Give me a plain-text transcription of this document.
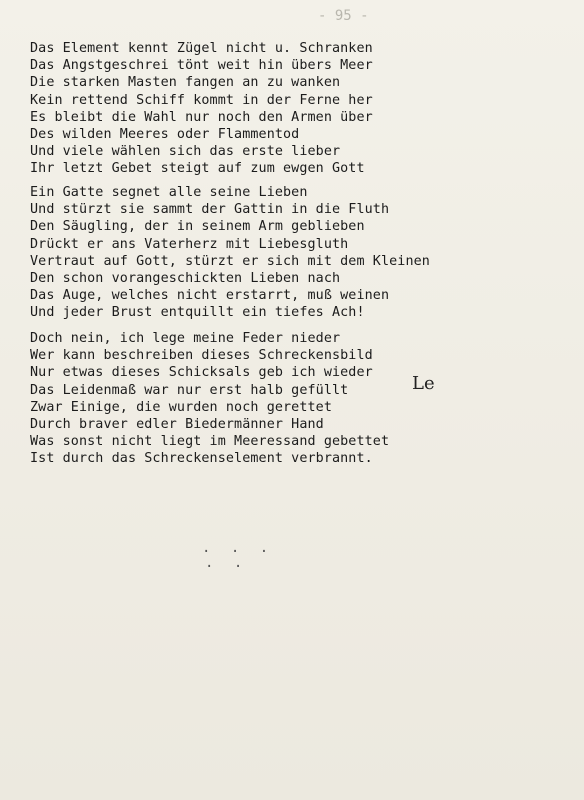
- 95 -
Das Element kennt Zügel nicht u. Schranken
Das Angstgeschrei tönt weit hin übers Meer
Die starken Masten fangen an zu wanken
Kein rettend Schiff kommt in der Ferne her
Es bleibt die Wahl nur noch den Armen über
Des wilden Meeres oder Flammentod
Und viele wählen sich das erste lieber
Ihr letzt Gebet steigt auf zum ewgen Gott
Ein Gatte segnet alle seine Lieben
Und stürzt sie sammt der Gattin in die Fluth
Den Säugling, der in seinem Arm geblieben
Drückt er ans Vaterherz mit Liebesgluth
Vertraut auf Gott, stürzt er sich mit dem Kleinen
Den schon vorangeschickten Lieben nach
Das Auge, welches nicht erstarrt, muß weinen
Und jeder Brust entquillt ein tiefes Ach!
Doch nein, ich lege meine Feder nieder
Wer kann beschreiben dieses Schreckensbild
Nur etwas dieses Schicksals geb ich wieder
Das Leidenmaß war nur erst halb gefüllt
Zwar Einige, die wurden noch gerettet
Durch braver edler Biedermänner Hand
Was sonst nicht liegt im Meeressand gebettet
Ist durch das Schreckenselement verbrannt.
Le
. . .
. .
